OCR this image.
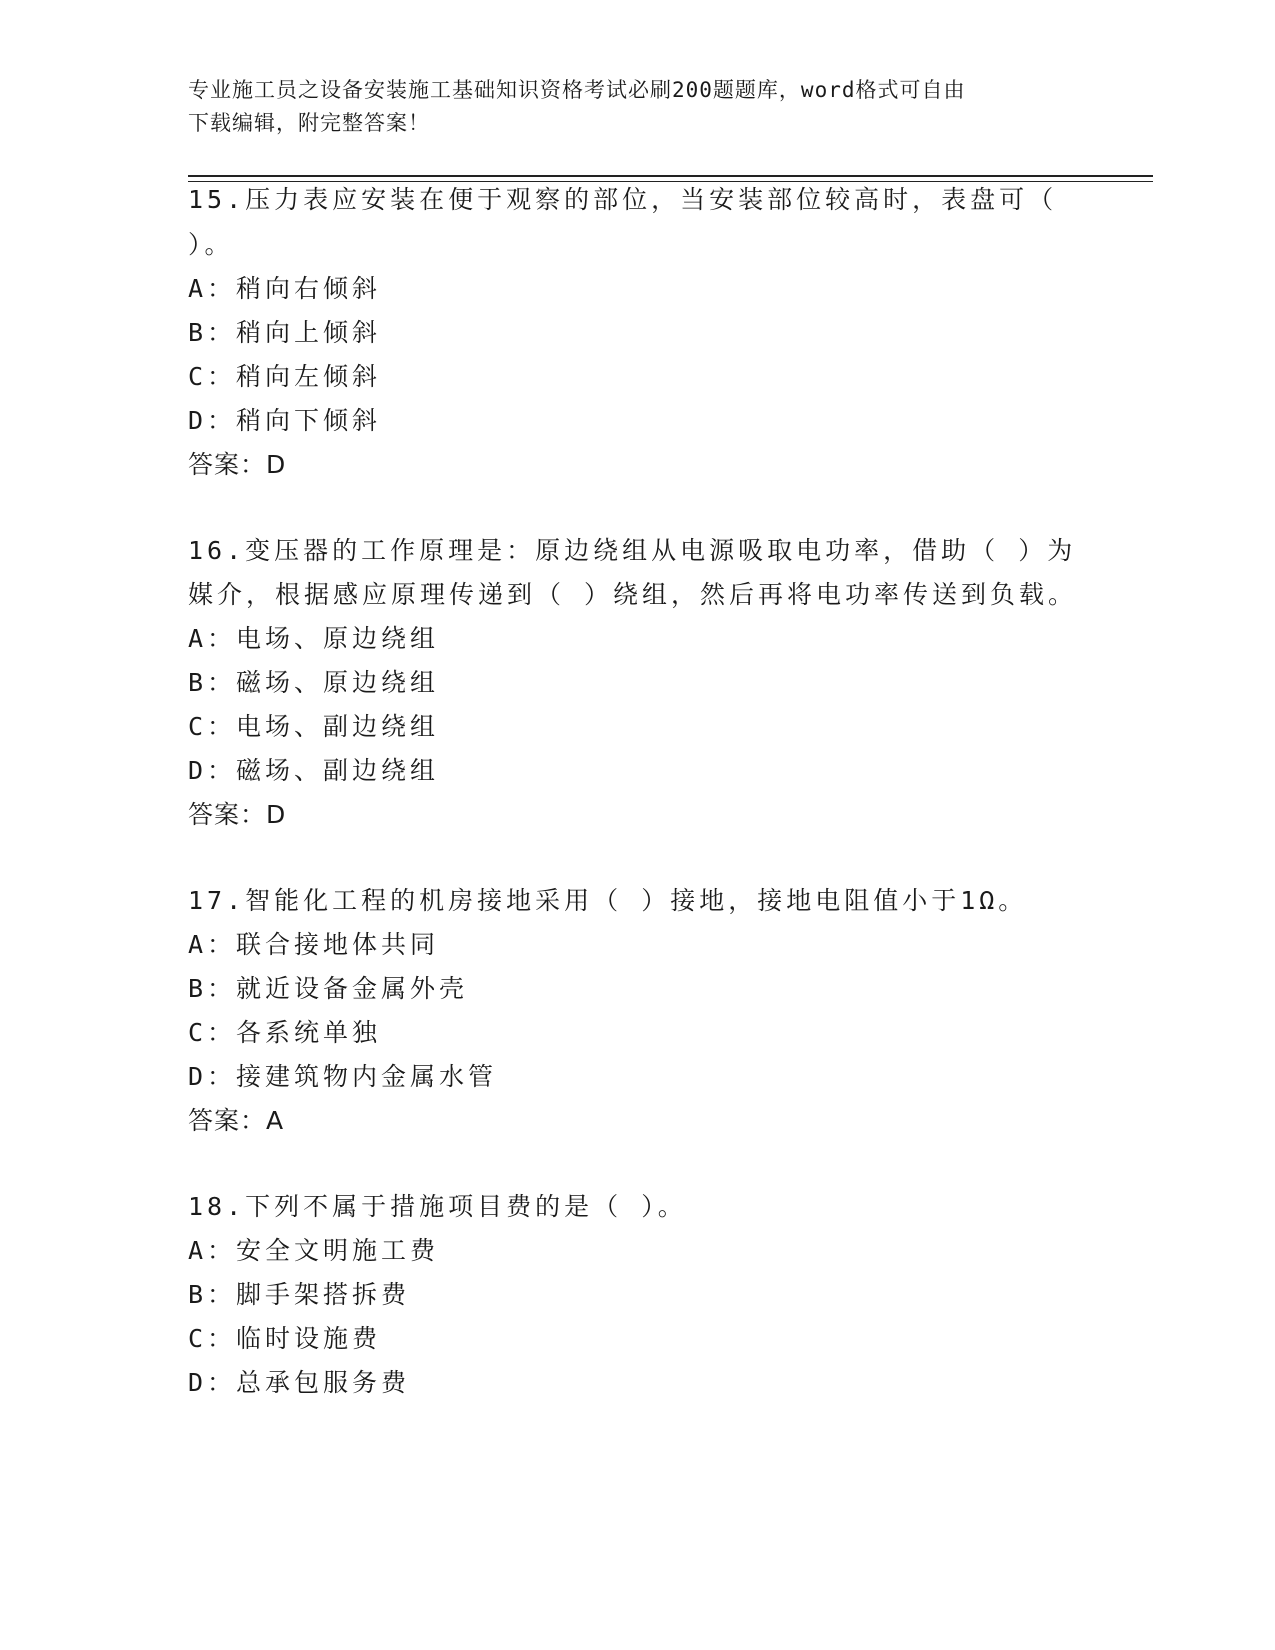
专业施工员之设备安装施工基础知识资格考试必刷200题题库，word格式可自由
下载编辑，附完整答案！
15.压力表应安装在便于观察的部位，当安装部位较高时，表盘可（
）。
A：稍向右倾斜
B：稍向上倾斜
C：稍向左倾斜
D：稍向下倾斜
答案：D
16.变压器的工作原理是：原边绕组从电源吸取电功率，借助（ ）为
媒介，根据感应原理传递到（ ）绕组，然后再将电功率传送到负载。
A：电场、原边绕组
B：磁场、原边绕组
C：电场、副边绕组
D：磁场、副边绕组
答案：D
17.智能化工程的机房接地采用（ ）接地，接地电阻值小于1Ω。
A：联合接地体共同
B：就近设备金属外壳
C：各系统单独
D：接建筑物内金属水管
答案：A
18.下列不属于措施项目费的是（ ）。
A：安全文明施工费
B：脚手架搭拆费
C：临时设施费
D：总承包服务费
